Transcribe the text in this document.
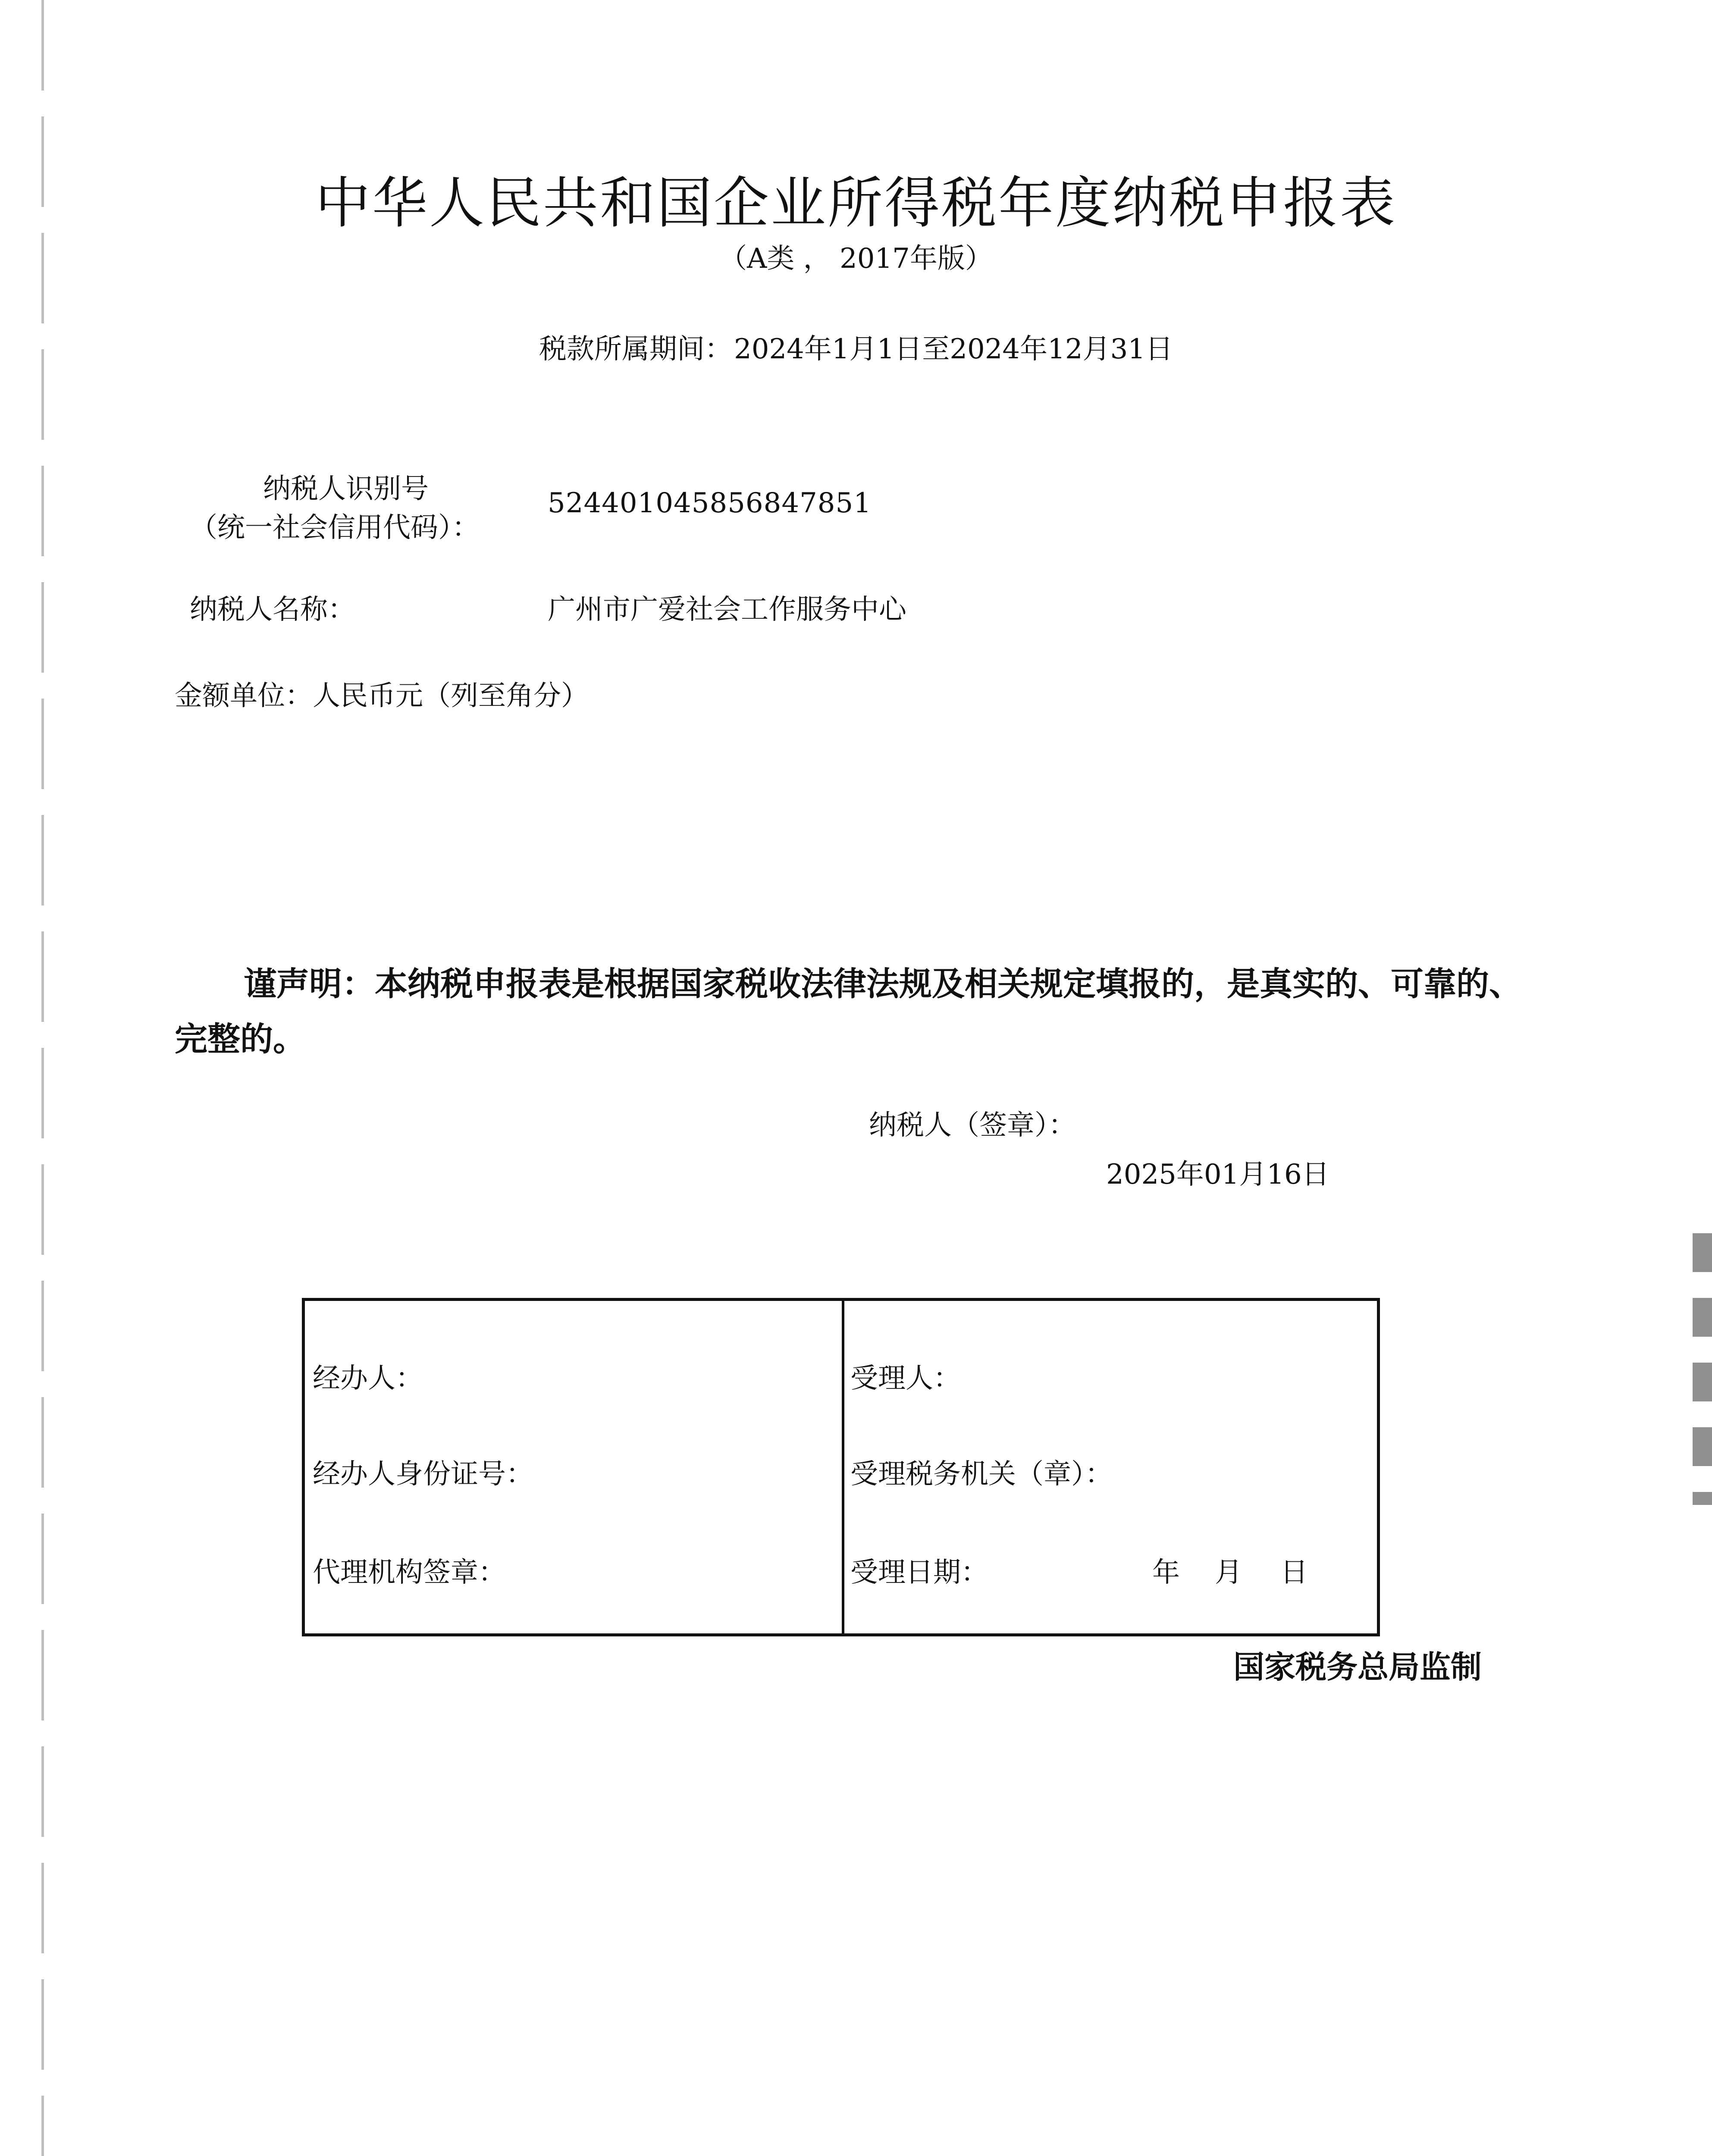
中华人民共和国企业所得税年度纳税申报表
（A类 ， 2017年版）
税款所属期间：2024年1月1日至2024年12月31日
纳税人识别号
（统一社会信用代码）：
524401045856847851
纳税人名称：	广州市广爱社会工作服务中心
金额单位：人民币元（列至角分）
谨声明：本纳税申报表是根据国家税收法律法规及相关规定填报的，是真实的、可靠的、完整的。
纳税人（签章）：
2025年01月16日
经办人：
经办人身份证号：
代理机构签章：
受理人：
受理税务机关（章）：
受理日期：	年 月 日
国家税务总局监制
